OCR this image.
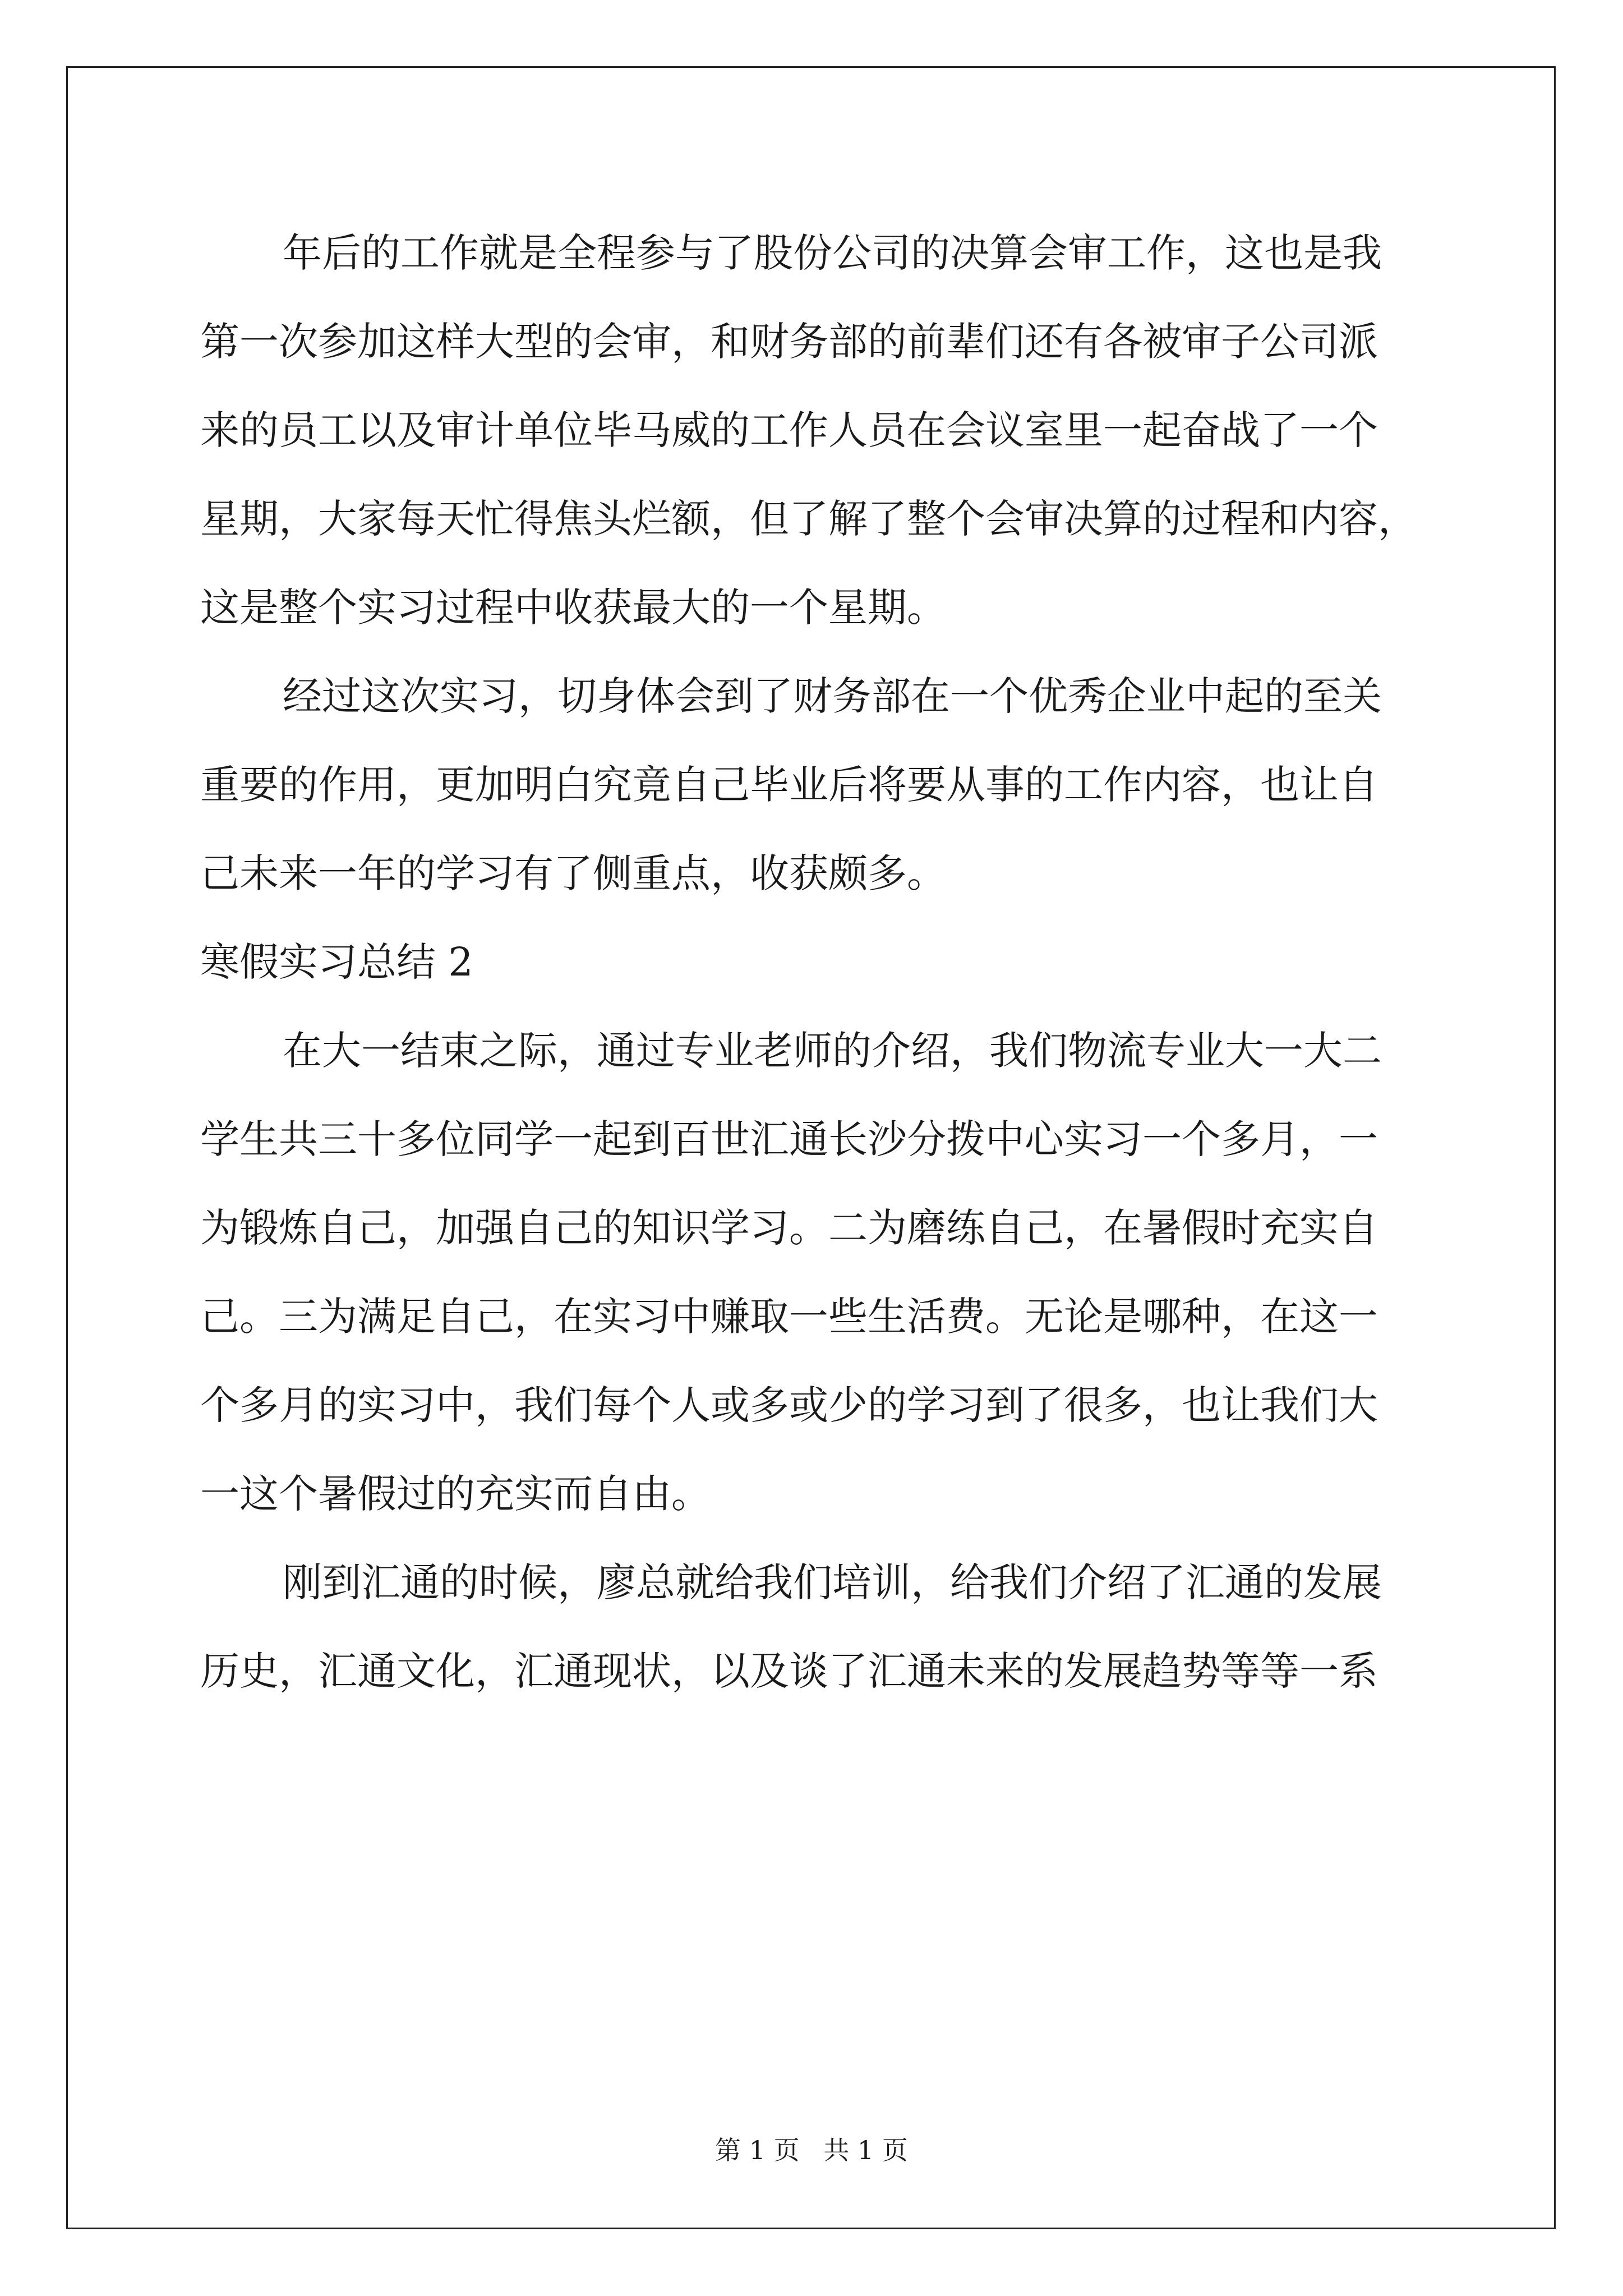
年后的工作就是全程参与了股份公司的决算会审工作，这也是我
第一次参加这样大型的会审，和财务部的前辈们还有各被审子公司派
来的员工以及审计单位毕马威的工作人员在会议室里一起奋战了一个
星期，大家每天忙得焦头烂额，但了解了整个会审决算的过程和内容，
这是整个实习过程中收获最大的一个星期。
经过这次实习，切身体会到了财务部在一个优秀企业中起的至关
重要的作用，更加明白究竟自己毕业后将要从事的工作内容，也让自
己未来一年的学习有了侧重点，收获颇多。
寒假实习总结 2
在大一结束之际，通过专业老师的介绍，我们物流专业大一大二
学生共三十多位同学一起到百世汇通长沙分拨中心实习一个多月，一
为锻炼自己，加强自己的知识学习。二为磨练自己，在暑假时充实自
己。三为满足自己，在实习中赚取一些生活费。无论是哪种，在这一
个多月的实习中，我们每个人或多或少的学习到了很多，也让我们大
一这个暑假过的充实而自由。
刚到汇通的时候，廖总就给我们培训，给我们介绍了汇通的发展
历史，汇通文化，汇通现状，以及谈了汇通未来的发展趋势等等一系
第 1 页 共 1 页
